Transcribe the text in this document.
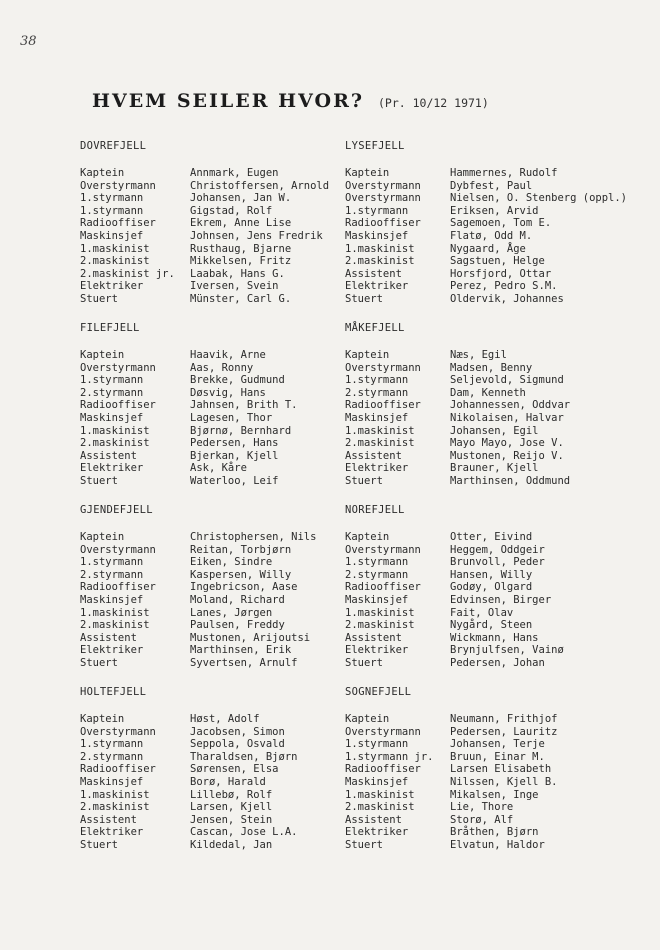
38
HVEM SEILER HVOR? (Pr. 10/12 1971)
DOVREFJELL
Kaptein	Annmark, Eugen
Overstyrmann	Christoffersen, Arnold
1.styrmann	Johansen, Jan W.
1.styrmann	Gigstad, Rolf
Radiooffiser	Ekrem, Anne Lise
Maskinsjef	Johnsen, Jens Fredrik
1.maskinist	Rusthaug, Bjarne
2.maskinist	Mikkelsen, Fritz
2.maskinist jr.	Laabak, Hans G.
Elektriker	Iversen, Svein
Stuert	Münster, Carl G.
FILEFJELL
Kaptein	Haavik, Arne
Overstyrmann	Aas, Ronny
1.styrmann	Brekke, Gudmund
2.styrmann	Døsvig, Hans
Radiooffiser	Jahnsen, Brith T.
Maskinsjef	Lagesen, Thor
1.maskinist	Bjørnø, Bernhard
2.maskinist	Pedersen, Hans
Assistent	Bjerkan, Kjell
Elektriker	Ask, Kåre
Stuert	Waterloo, Leif
GJENDEFJELL
Kaptein	Christophersen, Nils
Overstyrmann	Reitan, Torbjørn
1.styrmann	Eiken, Sindre
2.styrmann	Kaspersen, Willy
Radiooffiser	Ingebricson, Aase
Maskinsjef	Moland, Richard
1.maskinist	Lanes, Jørgen
2.maskinist	Paulsen, Freddy
Assistent	Mustonen, Arijoutsi
Elektriker	Marthinsen, Erik
Stuert	Syvertsen, Arnulf
HOLTEFJELL
Kaptein	Høst, Adolf
Overstyrmann	Jacobsen, Simon
1.styrmann	Seppola, Osvald
2.styrmann	Tharaldsen, Bjørn
Radiooffiser	Sørensen, Elsa
Maskinsjef	Borø, Harald
1.maskinist	Lillebø, Rolf
2.maskinist	Larsen, Kjell
Assistent	Jensen, Stein
Elektriker	Cascan, Jose L.A.
Stuert	Kildedal, Jan
LYSEFJELL
Kaptein	Hammernes, Rudolf
Overstyrmann	Dybfest, Paul
Overstyrmann	Nielsen, O. Stenberg (oppl.)
1.styrmann	Eriksen, Arvid
Radiooffiser	Sagemoen, Tom E.
Maskinsjef	Flatø, Odd M.
1.maskinist	Nygaard, Åge
2.maskinist	Sagstuen, Helge
Assistent	Horsfjord, Ottar
Elektriker	Perez, Pedro S.M.
Stuert	Oldervik, Johannes
MÅKEFJELL
Kaptein	Næs, Egil
Overstyrmann	Madsen, Benny
1.styrmann	Seljevold, Sigmund
2.styrmann	Dam, Kenneth
Radiooffiser	Johannessen, Oddvar
Maskinsjef	Nikolaisen, Halvar
1.maskinist	Johansen, Egil
2.maskinist	Mayo Mayo, Jose V.
Assistent	Mustonen, Reijo V.
Elektriker	Brauner, Kjell
Stuert	Marthinsen, Oddmund
NOREFJELL
Kaptein	Otter, Eivind
Overstyrmann	Heggem, Oddgeir
1.styrmann	Brunvoll, Peder
2.styrmann	Hansen, Willy
Radiooffiser	Godøy, Olgard
Maskinsjef	Edvinsen, Birger
1.maskinist	Fait, Olav
2.maskinist	Nygård, Steen
Assistent	Wickmann, Hans
Elektriker	Brynjulfsen, Vainø
Stuert	Pedersen, Johan
SOGNEFJELL
Kaptein	Neumann, Frithjof
Overstyrmann	Pedersen, Lauritz
1.styrmann	Johansen, Terje
1.styrmann jr.	Bruun, Einar M.
Radiooffiser	Larsen Elisabeth
Maskinsjef	Nilssen, Kjell B.
1.maskinist	Mikalsen, Inge
2.maskinist	Lie, Thore
Assistent	Storø, Alf
Elektriker	Bråthen, Bjørn
Stuert	Elvatun, Haldor
